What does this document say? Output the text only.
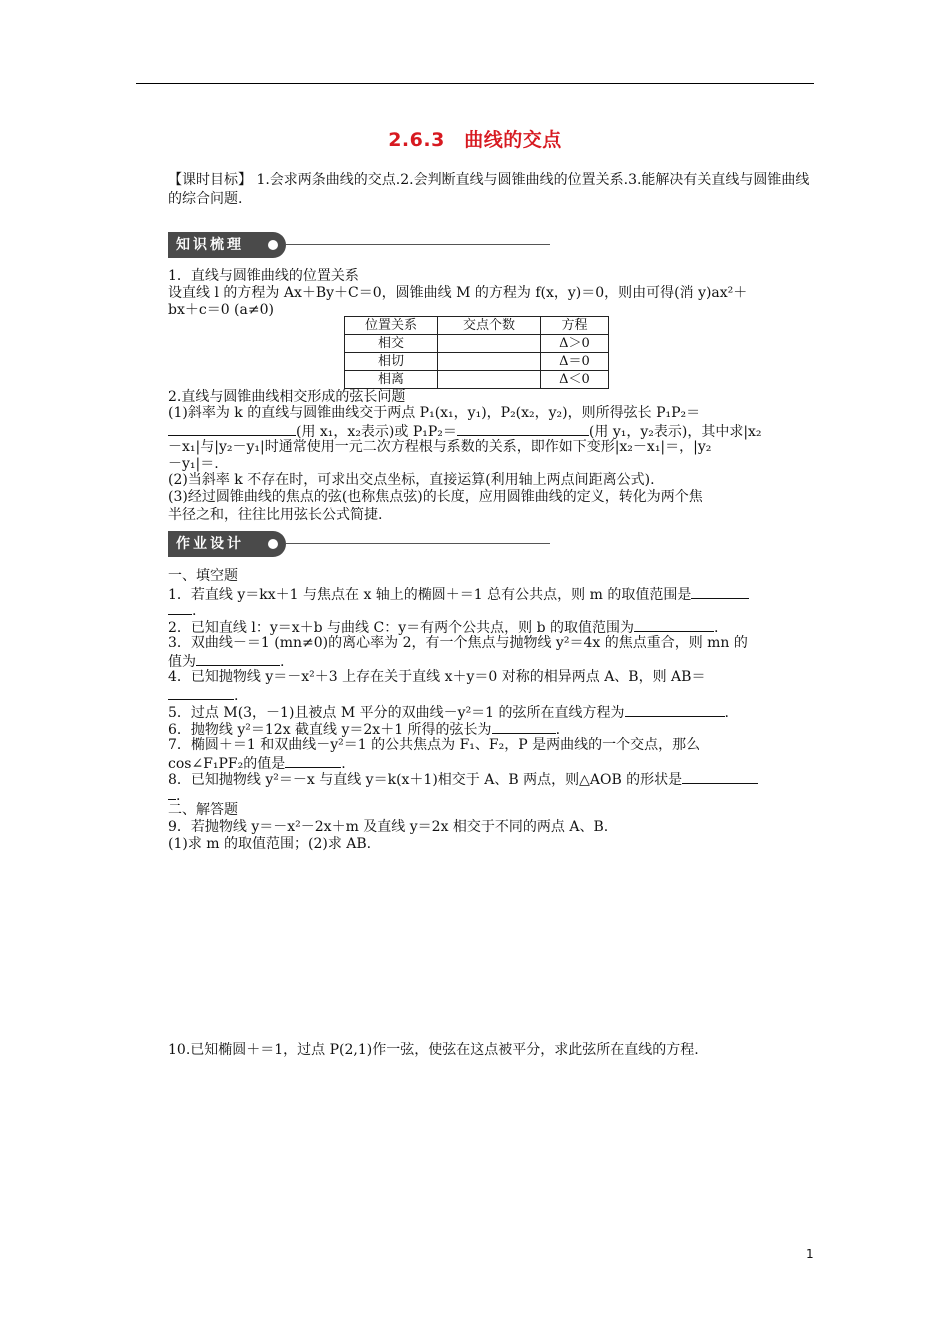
2.6.3　曲线的交点
【课时目标】 1.会求两条曲线的交点.2.会判断直线与圆锥曲线的位置关系.3.能解决有关直线与圆锥曲线的综合问题.
知识梳理
1．直线与圆锥曲线的位置关系
设直线 l 的方程为 Ax＋By＋C＝0，圆锥曲线 M 的方程为 f(x，y)＝0，则由可得(消 y)ax²＋
bx＋c＝0 (a≠0)
位置关系	交点个数	方程
相交		Δ＞0
相切		Δ＝0
相离		Δ＜0
2.直线与圆锥曲线相交形成的弦长问题
(1)斜率为 k 的直线与圆锥曲线交于两点 P₁(x₁，y₁)，P₂(x₂，y₂)，则所得弦长 P₁P₂＝
(用 x₁，x₂表示)或 P₁P₂＝	(用 y₁，y₂表示)，其中求|x₂
－x₁|与|y₂－y₁|时通常使用一元二次方程根与系数的关系，即作如下变形|x₂－x₁|＝，|y₂
－y₁|＝.
(2)当斜率 k 不存在时，可求出交点坐标，直接运算(利用轴上两点间距离公式).
(3)经过圆锥曲线的焦点的弦(也称焦点弦)的长度，应用圆锥曲线的定义，转化为两个焦
半径之和，往往比用弦长公式简捷.
作业设计
一、填空题
1．若直线 y＝kx＋1 与焦点在 x 轴上的椭圆＋＝1 总有公共点，则 m 的取值范围是
.
2．已知直线 l：y＝x＋b 与曲线 C：y＝有两个公共点，则 b 的取值范围为	.
3．双曲线－＝1 (mn≠0)的离心率为 2，有一个焦点与抛物线 y²＝4x 的焦点重合，则 mn 的
值为	.
4．已知抛物线 y＝－x²＋3 上存在关于直线 x＋y＝0 对称的相异两点 A、B，则 AB＝
.
5．过点 M(3，－1)且被点 M 平分的双曲线－y²＝1 的弦所在直线方程为	.
6．抛物线 y²＝12x 截直线 y＝2x＋1 所得的弦长为	.
7．椭圆＋＝1 和双曲线－y²＝1 的公共焦点为 F₁、F₂，P 是两曲线的一个交点，那么
cos∠F₁PF₂的值是	.
8．已知抛物线 y²＝－x 与直线 y＝k(x＋1)相交于 A、B 两点，则△AOB 的形状是
.
二、解答题
9．若抛物线 y＝－x²－2x＋m 及直线 y＝2x 相交于不同的两点 A、B.
(1)求 m 的取值范围；(2)求 AB.
10.已知椭圆＋＝1，过点 P(2,1)作一弦，使弦在这点被平分，求此弦所在直线的方程.
1
